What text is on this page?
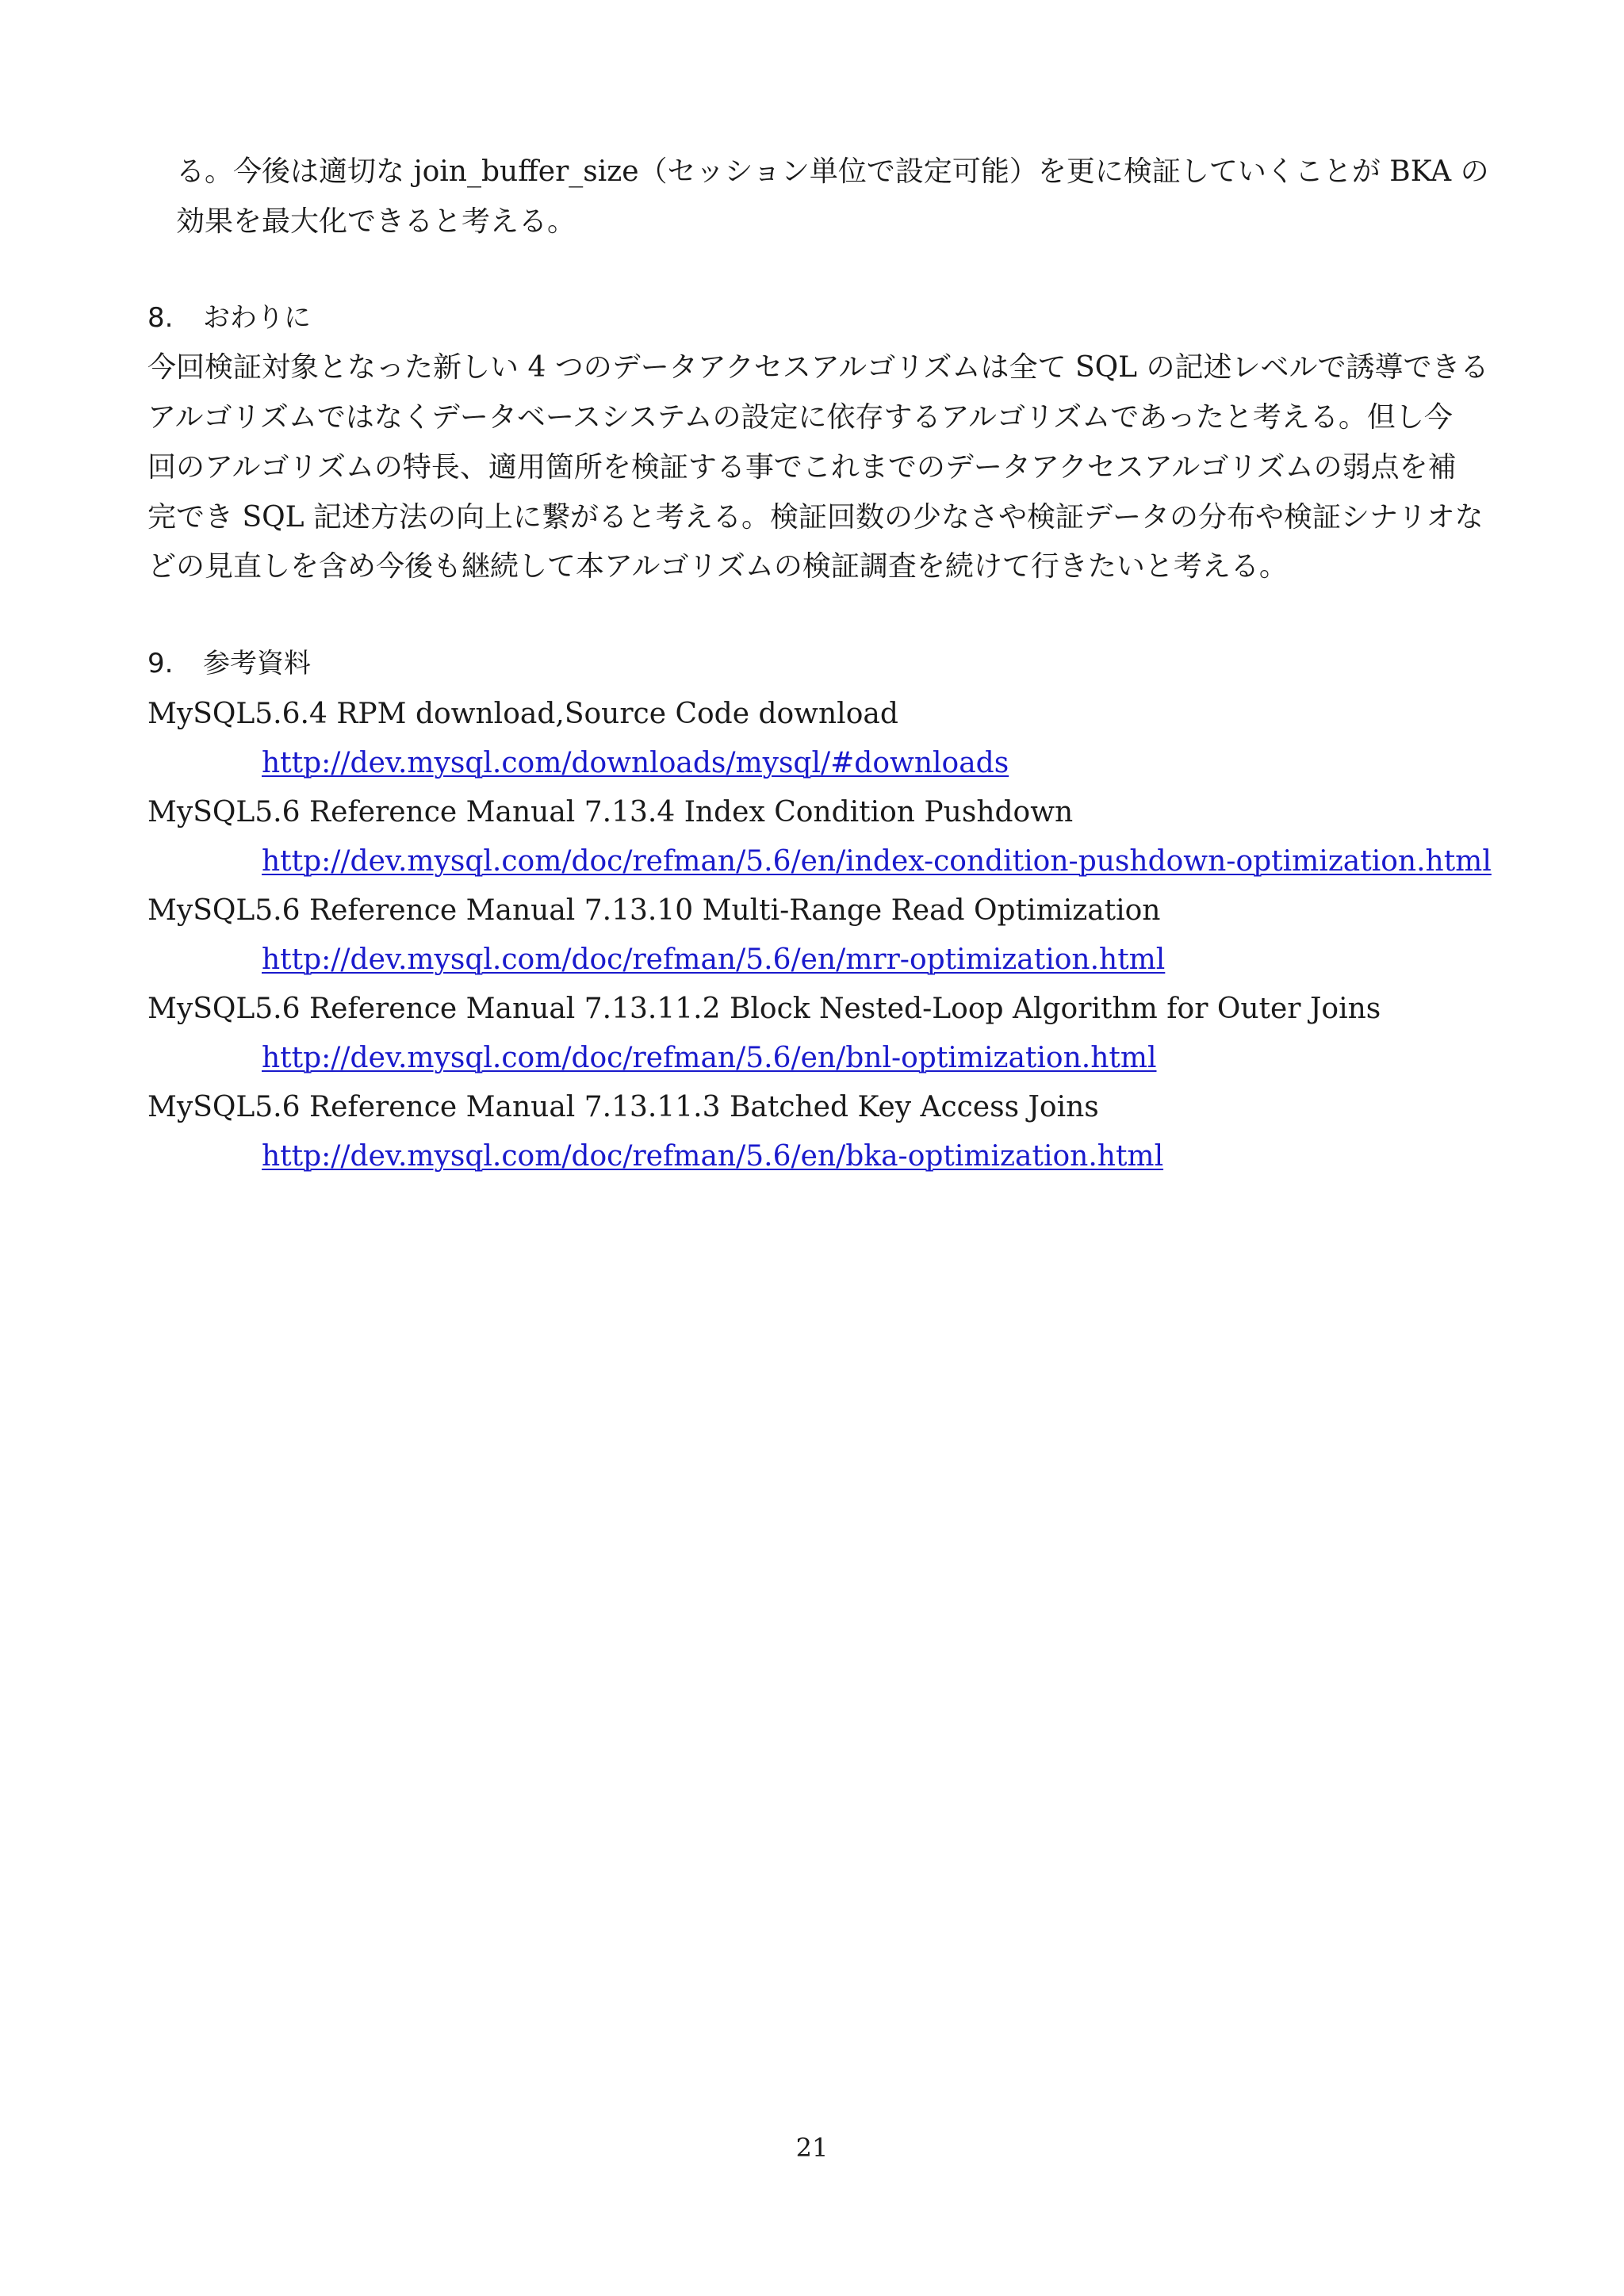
る。今後は適切な join_buffer_size（セッション単位で設定可能）を更に検証していくことが BKA の
効果を最大化できると考える。
8. おわりに
今回検証対象となった新しい 4 つのデータアクセスアルゴリズムは全て SQL の記述レベルで誘導できる
アルゴリズムではなくデータベースシステムの設定に依存するアルゴリズムであったと考える。但し今
回のアルゴリズムの特長、適用箇所を検証する事でこれまでのデータアクセスアルゴリズムの弱点を補
完でき SQL 記述方法の向上に繋がると考える。検証回数の少なさや検証データの分布や検証シナリオな
どの見直しを含め今後も継続して本アルゴリズムの検証調査を続けて行きたいと考える。
9. 参考資料
MySQL5.6.4 RPM download,Source Code download
http://dev.mysql.com/downloads/mysql/#downloads
MySQL5.6 Reference Manual 7.13.4 Index Condition Pushdown
http://dev.mysql.com/doc/refman/5.6/en/index-condition-pushdown-optimization.html
MySQL5.6 Reference Manual 7.13.10 Multi-Range Read Optimization
http://dev.mysql.com/doc/refman/5.6/en/mrr-optimization.html
MySQL5.6 Reference Manual 7.13.11.2 Block Nested-Loop Algorithm for Outer Joins
http://dev.mysql.com/doc/refman/5.6/en/bnl-optimization.html
MySQL5.6 Reference Manual 7.13.11.3 Batched Key Access Joins
http://dev.mysql.com/doc/refman/5.6/en/bka-optimization.html
21
